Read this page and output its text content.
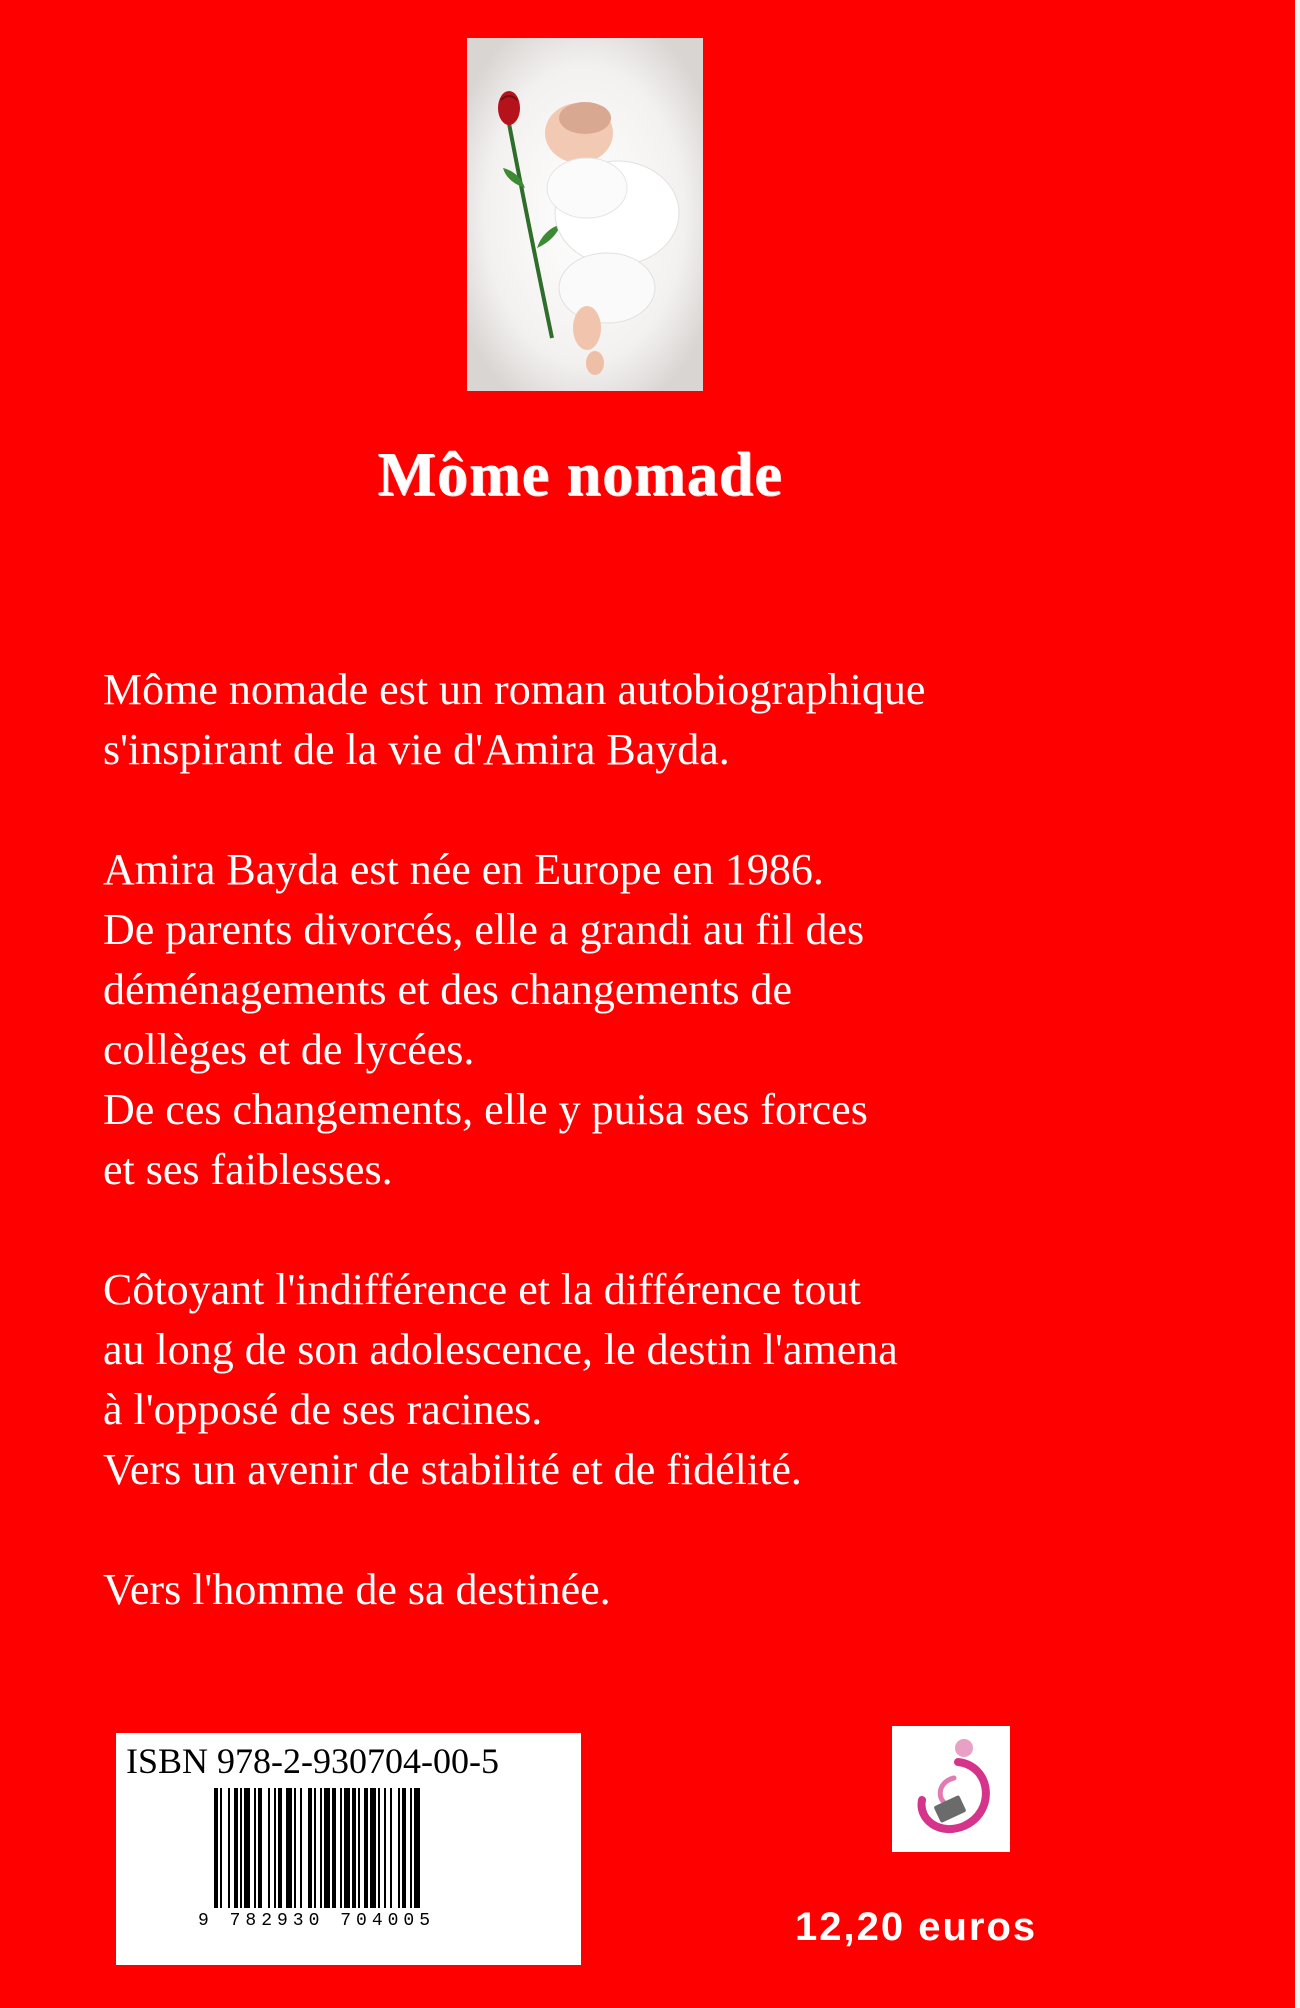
Môme nomade

Môme nomade est un roman autobiographique

s'inspirant de la vie d'Amira Bayda.

Amira Bayda est née en Europe en 1986.

De parents divorcés, elle a grandi au fil des

déménagements et des changements de

collèges et de lycées.

De ces changements, elle y puisa ses forces

et ses faiblesses.

Côtoyant l'indifférence et la différence tout

au long de son adolescence, le destin l'amena

à l'opposé de ses racines.

Vers un avenir de stabilité et de fidélité.

Vers l'homme de sa destinée.

ISBN 978-2-930704-00-5
9 782930 704005	12,20 euros
